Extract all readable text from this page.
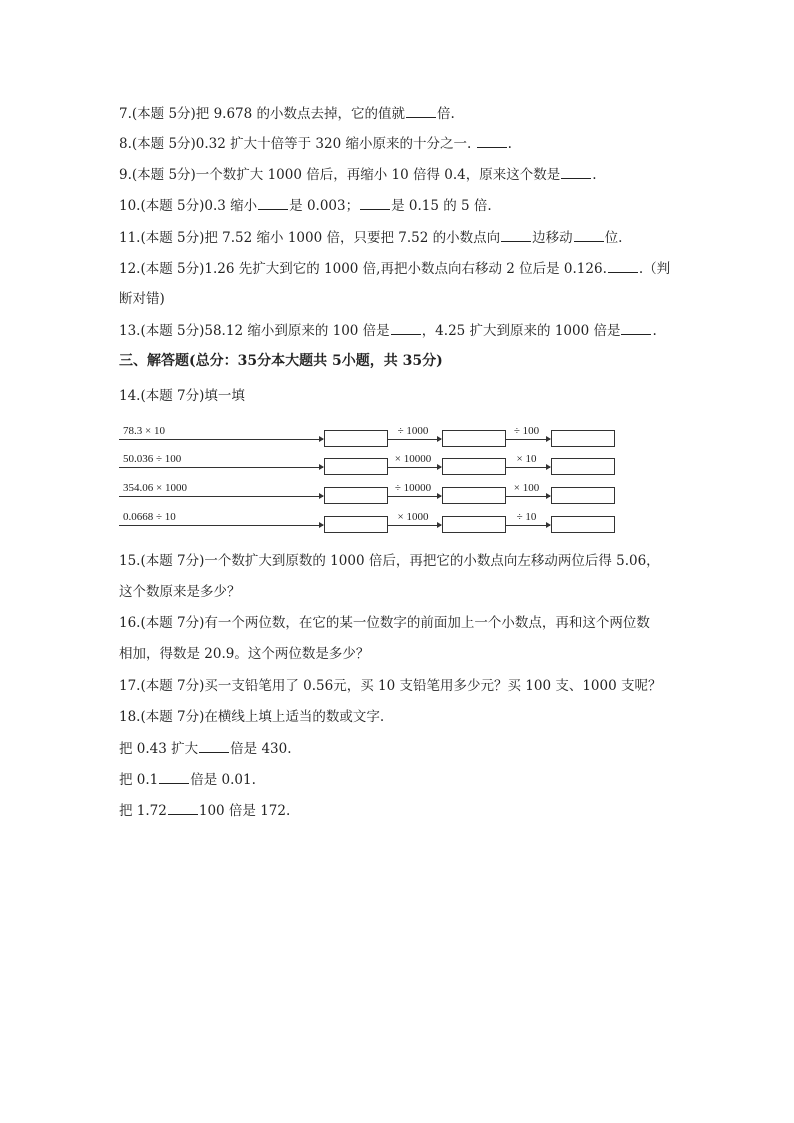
7.(本题 5分)把 9.678 的小数点去掉，它的值就 倍.
8.(本题 5分)0.32 扩大十倍等于 320 缩小原来的十分之一. .
9.(本题 5分)一个数扩大 1000 倍后，再缩小 10 倍得 0.4，原来这个数是 .
10.(本题 5分)0.3 缩小 是 0.003； 是 0.15 的 5 倍.
11.(本题 5分)把 7.52 缩小 1000 倍，只要把 7.52 的小数点向 边移动 位.
12.(本题 5分)1.26 先扩大到它的 1000 倍,再把小数点向右移动 2 位后是 0.126. .（判
断对错)
13.(本题 5分)58.12 缩小到原来的 100 倍是 ，4.25 扩大到原来的 1000 倍是 .
三、解答题(总分：35分本大题共 5小题，共 35分)
14.(本题 7分)填一填
78.3 × 10	÷ 1000	÷ 100
50.036 ÷ 100	× 10000	× 10
354.06 × 1000	÷ 10000	× 100
0.0668 ÷ 10	× 1000	÷ 10
15.(本题 7分)一个数扩大到原数的 1000 倍后，再把它的小数点向左移动两位后得 5.06，
这个数原来是多少？
16.(本题 7分)有一个两位数，在它的某一位数字的前面加上一个小数点，再和这个两位数
相加，得数是 20.9。这个两位数是多少？
17.(本题 7分)买一支铅笔用了 0.56元，买 10 支铅笔用多少元？买 100 支、1000 支呢？
18.(本题 7分)在横线上填上适当的数或文字.
把 0.43 扩大 倍是 430.
把 0.1 倍是 0.01.
把 1.72 100 倍是 172.
